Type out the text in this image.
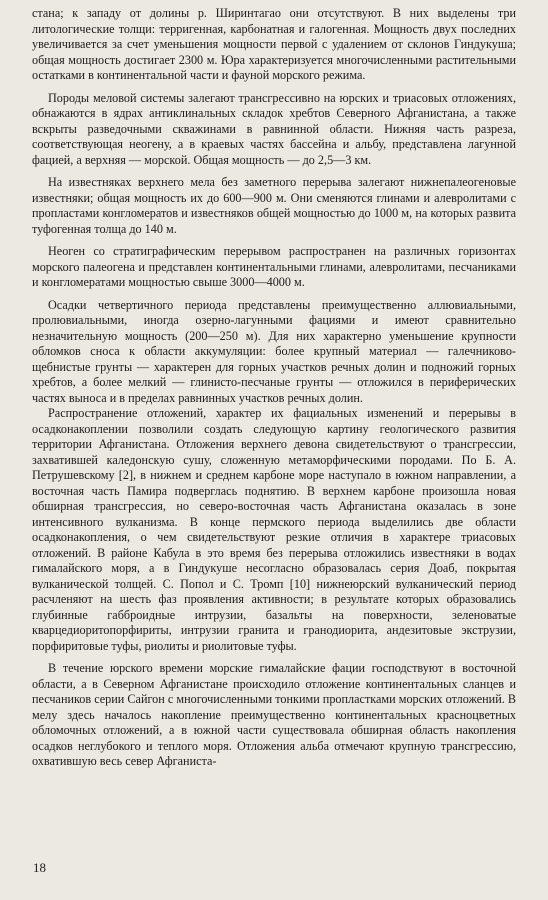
стана; к западу от долины р. Ширинтагао они отсутствуют. В них выделены три литологические толщи: терригенная, карбонатная и галогенная. Мощность двух последних увеличивается за счет уменьшения мощности первой с удалением от склонов Гиндукуша; общая мощность достигает 2300 м. Юра характеризуется многочисленными растительными остатками в континентальной части и фауной морского режима.

Породы меловой системы залегают трансгрессивно на юрских и триасовых отложениях, обнажаются в ядрах антиклинальных складок хребтов Северного Афганистана, а также вскрыты разведочными скважинами в равнинной области. Нижняя часть разреза, соответствующая неогену, а в краевых частях бассейна и альбу, представлена лагунной фацией, а верхняя — морской. Общая мощность — до 2,5—3 км.

На известняках верхнего мела без заметного перерыва залегают нижнепалеогеновые известняки; общая мощность их до 600—900 м. Они сменяются глинами и алевролитами с пропластами конгломератов и известняков общей мощностью до 1000 м, на которых развита туфогенная толща до 140 м.

Неоген со стратиграфическим перерывом распространен на различных горизонтах морского палеогена и представлен континентальными глинами, алевролитами, песчаниками и конгломератами мощностью свыше 3000—4000 м.

Осадки четвертичного периода представлены преимущественно аллювиальными, пролювиальными, иногда озерно-лагунными фациями и имеют сравнительно незначительную мощность (200—250 м). Для них характерно уменьшение крупности обломков сноса к области аккумуляции: более крупный материал — галечниково-щебнистые грунты — характерен для горных участков речных долин и подножий горных хребтов, а более мелкий — глинисто-песчаные грунты — отложился в периферических частях выноса и в пределах равнинных участков речных долин.

Распространение отложений, характер их фациальных изменений и перерывы в осадконакоплении позволили создать следующую картину геологического развития территории Афганистана. Отложения верхнего девона свидетельствуют о трансгрессии, захватившей каледонскую сушу, сложенную метаморфическими породами. По Б. А. Петрушевскому [2], в нижнем и среднем карбоне море наступало в южном направлении, а восточная часть Памира подверглась поднятию. В верхнем карбоне произошла новая обширная трансгрессия, но северо-восточная часть Афганистана оказалась в зоне интенсивного вулканизма. В конце пермского периода выделились две области осадконакопления, о чем свидетельствуют резкие отличия в характере триасовых отложений. В районе Кабула в это время без перерыва отложились известняки в водах гималайского моря, а в Гиндукуше несогласно образовалась серия Доаб, покрытая вулканической толщей. С. Попол и С. Тромп [10] нижнеюрский вулканический период расчленяют на шесть фаз проявления активности; в результате которых образовались глубинные габброидные интрузии, базальты на поверхности, зеленоватые кварцедиоритопорфириты, интрузии гранита и гранодиорита, андезитовые экструзии, порфиритовые туфы, риолиты и риолитовые туфы.

В течение юрского времени морские гималайские фации господствуют в восточной области, а в Северном Афганистане происходило отложение континентальных сланцев и песчаников серии Сайгон с многочисленными тонкими пропластками морских отложений. В мелу здесь началось накопление преимущественно континентальных красноцветных обломочных отложений, а в южной части существовала обширная область накопления осадков неглубокого и теплого моря. Отложения альба отмечают крупную трансгрессию, охватившую весь север Афганиста-

18
